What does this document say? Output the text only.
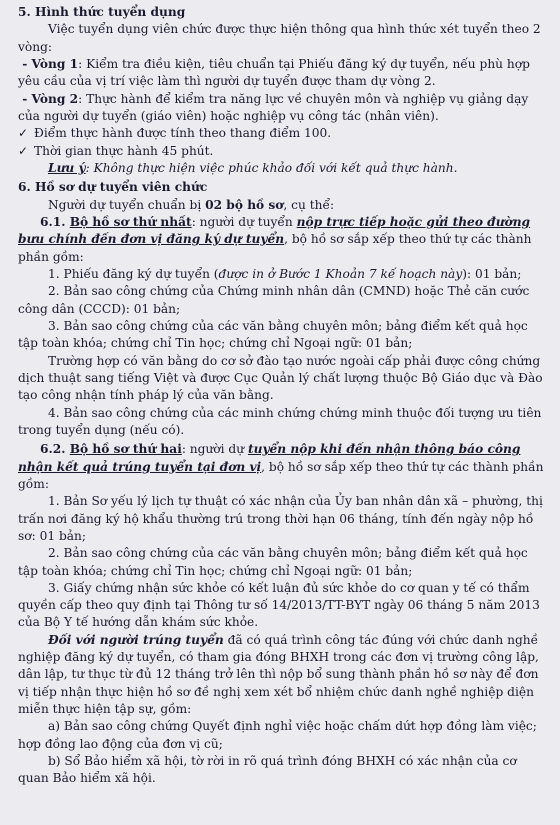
5. Hình thức tuyển dụng

Việc tuyển dụng viên chức được thực hiện thông qua hình thức xét tuyển theo 2 vòng:

- Vòng 1: Kiểm tra điều kiện, tiêu chuẩn tại Phiếu đăng ký dự tuyển, nếu phù hợp yêu cầu của vị trí việc làm thì người dự tuyển được tham dự vòng 2.

- Vòng 2: Thực hành để kiểm tra năng lực về chuyên môn và nghiệp vụ giảng dạy của người dự tuyển (giáo viên) hoặc nghiệp vụ công tác (nhân viên).

✓ Điểm thực hành được tính theo thang điểm 100.

✓ Thời gian thực hành 45 phút.

Lưu ý: Không thực hiện việc phúc khảo đối với kết quả thực hành.

6. Hồ sơ dự tuyển viên chức

Người dự tuyển chuẩn bị 02 bộ hồ sơ, cụ thể:

6.1. Bộ hồ sơ thứ nhất: người dự tuyển nộp trực tiếp hoặc gửi theo đường bưu chính đến đơn vị đăng ký dự tuyển, bộ hồ sơ sắp xếp theo thứ tự các thành phần gồm:

1. Phiếu đăng ký dự tuyển (được in ở Bước 1 Khoản 7 kế hoạch này): 01 bản;

2. Bản sao công chứng của Chứng minh nhân dân (CMND) hoặc Thẻ căn cước công dân (CCCD): 01 bản;

3. Bản sao công chứng của các văn bằng chuyên môn; bảng điểm kết quả học tập toàn khóa; chứng chỉ Tin học; chứng chỉ Ngoại ngữ: 01 bản;

Trường hợp có văn bằng do cơ sở đào tạo nước ngoài cấp phải được công chứng dịch thuật sang tiếng Việt và được Cục Quản lý chất lượng thuộc Bộ Giáo dục và Đào tạo công nhận tính pháp lý của văn bằng.

4. Bản sao công chứng của các minh chứng chứng minh thuộc đối tượng ưu tiên trong tuyển dụng (nếu có).

6.2. Bộ hồ sơ thứ hai: người dự tuyển nộp khi đến nhận thông báo công nhận kết quả trúng tuyển tại đơn vị, bộ hồ sơ sắp xếp theo thứ tự các thành phần gồm:

1. Bản Sơ yếu lý lịch tự thuật có xác nhận của Ủy ban nhân dân xã – phường, thị trấn nơi đăng ký hộ khẩu thường trú trong thời hạn 06 tháng, tính đến ngày nộp hồ sơ: 01 bản;

2. Bản sao công chứng của các văn bằng chuyên môn; bảng điểm kết quả học tập toàn khóa; chứng chỉ Tin học; chứng chỉ Ngoại ngữ: 01 bản;

3. Giấy chứng nhận sức khỏe có kết luận đủ sức khỏe do cơ quan y tế có thẩm quyền cấp theo quy định tại Thông tư số 14/2013/TT-BYT ngày 06 tháng 5 năm 2013 của Bộ Y tế hướng dẫn khám sức khỏe.

Đối với người trúng tuyển đã có quá trình công tác đúng với chức danh nghề nghiệp đăng ký dự tuyển, có tham gia đóng BHXH trong các đơn vị trường công lập, dân lập, tư thục từ đủ 12 tháng trở lên thì nộp bổ sung thành phần hồ sơ này để đơn vị tiếp nhận thực hiện hồ sơ đề nghị xem xét bổ nhiệm chức danh nghề nghiệp diện miễn thực hiện tập sự, gồm:

a) Bản sao công chứng Quyết định nghỉ việc hoặc chấm dứt hợp đồng làm việc; hợp đồng lao động của đơn vị cũ;

b) Sổ Bảo hiểm xã hội, tờ rời in rõ quá trình đóng BHXH có xác nhận của cơ quan Bảo hiểm xã hội.
